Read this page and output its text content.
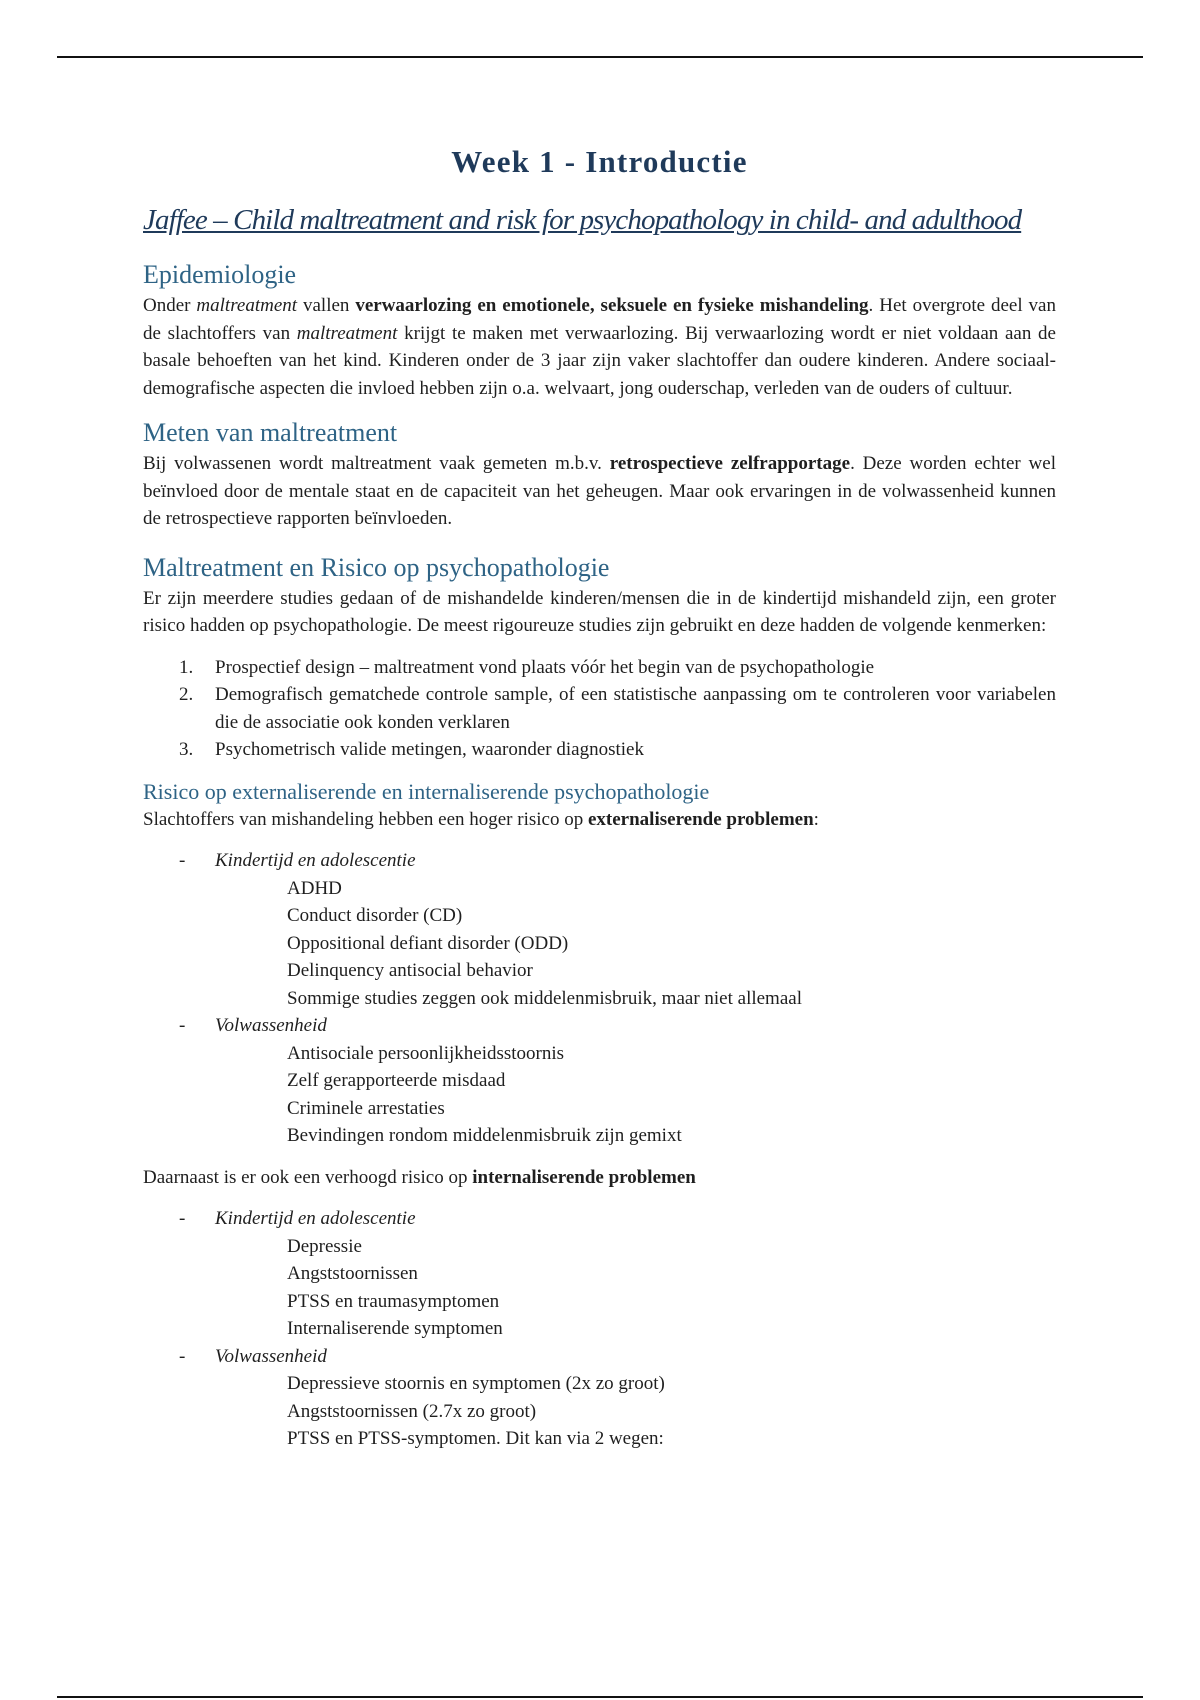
Week 1 - Introductie
Jaffee – Child maltreatment and risk for psychopathology in child- and adulthood
Epidemiologie

Onder maltreatment vallen verwaarlozing en emotionele, seksuele en fysieke mishandeling. Het overgrote deel van de slachtoffers van maltreatment krijgt te maken met verwaarlozing. Bij verwaarlozing wordt er niet voldaan aan de basale behoeften van het kind. Kinderen onder de 3 jaar zijn vaker slachtoffer dan oudere kinderen. Andere sociaal-demografische aspecten die invloed hebben zijn o.a. welvaart, jong ouderschap, verleden van de ouders of cultuur.

Meten van maltreatment

Bij volwassenen wordt maltreatment vaak gemeten m.b.v. retrospectieve zelfrapportage. Deze worden echter wel beïnvloed door de mentale staat en de capaciteit van het geheugen. Maar ook ervaringen in de volwassenheid kunnen de retrospectieve rapporten beïnvloeden.

Maltreatment en Risico op psychopathologie

Er zijn meerdere studies gedaan of de mishandelde kinderen/mensen die in de kindertijd mishandeld zijn, een groter risico hadden op psychopathologie. De meest rigoureuze studies zijn gebruikt en deze hadden de volgende kenmerken:

1.	Prospectief design – maltreatment vond plaats vóór het begin van de psychopathologie
2.	Demografisch gematchede controle sample, of een statistische aanpassing om te controleren voor variabelen die de associatie ook konden verklaren
3.	Psychometrisch valide metingen, waaronder diagnostiek
Risico op externaliserende en internaliserende psychopathologie

Slachtoffers van mishandeling hebben een hoger risico op externaliserende problemen:

-	Kindertijd en adolescentie
ADHD
Conduct disorder (CD)
Oppositional defiant disorder (ODD)
Delinquency antisocial behavior
Sommige studies zeggen ook middelenmisbruik, maar niet allemaal
-	Volwassenheid
Antisociale persoonlijkheidsstoornis
Zelf gerapporteerde misdaad
Criminele arrestaties
Bevindingen rondom middelenmisbruik zijn gemixt

Daarnaast is er ook een verhoogd risico op internaliserende problemen

-	Kindertijd en adolescentie
Depressie
Angststoornissen
PTSS en traumasymptomen
Internaliserende symptomen
-	Volwassenheid
Depressieve stoornis en symptomen (2x zo groot)
Angststoornissen (2.7x zo groot)
PTSS en PTSS-symptomen. Dit kan via 2 wegen:
